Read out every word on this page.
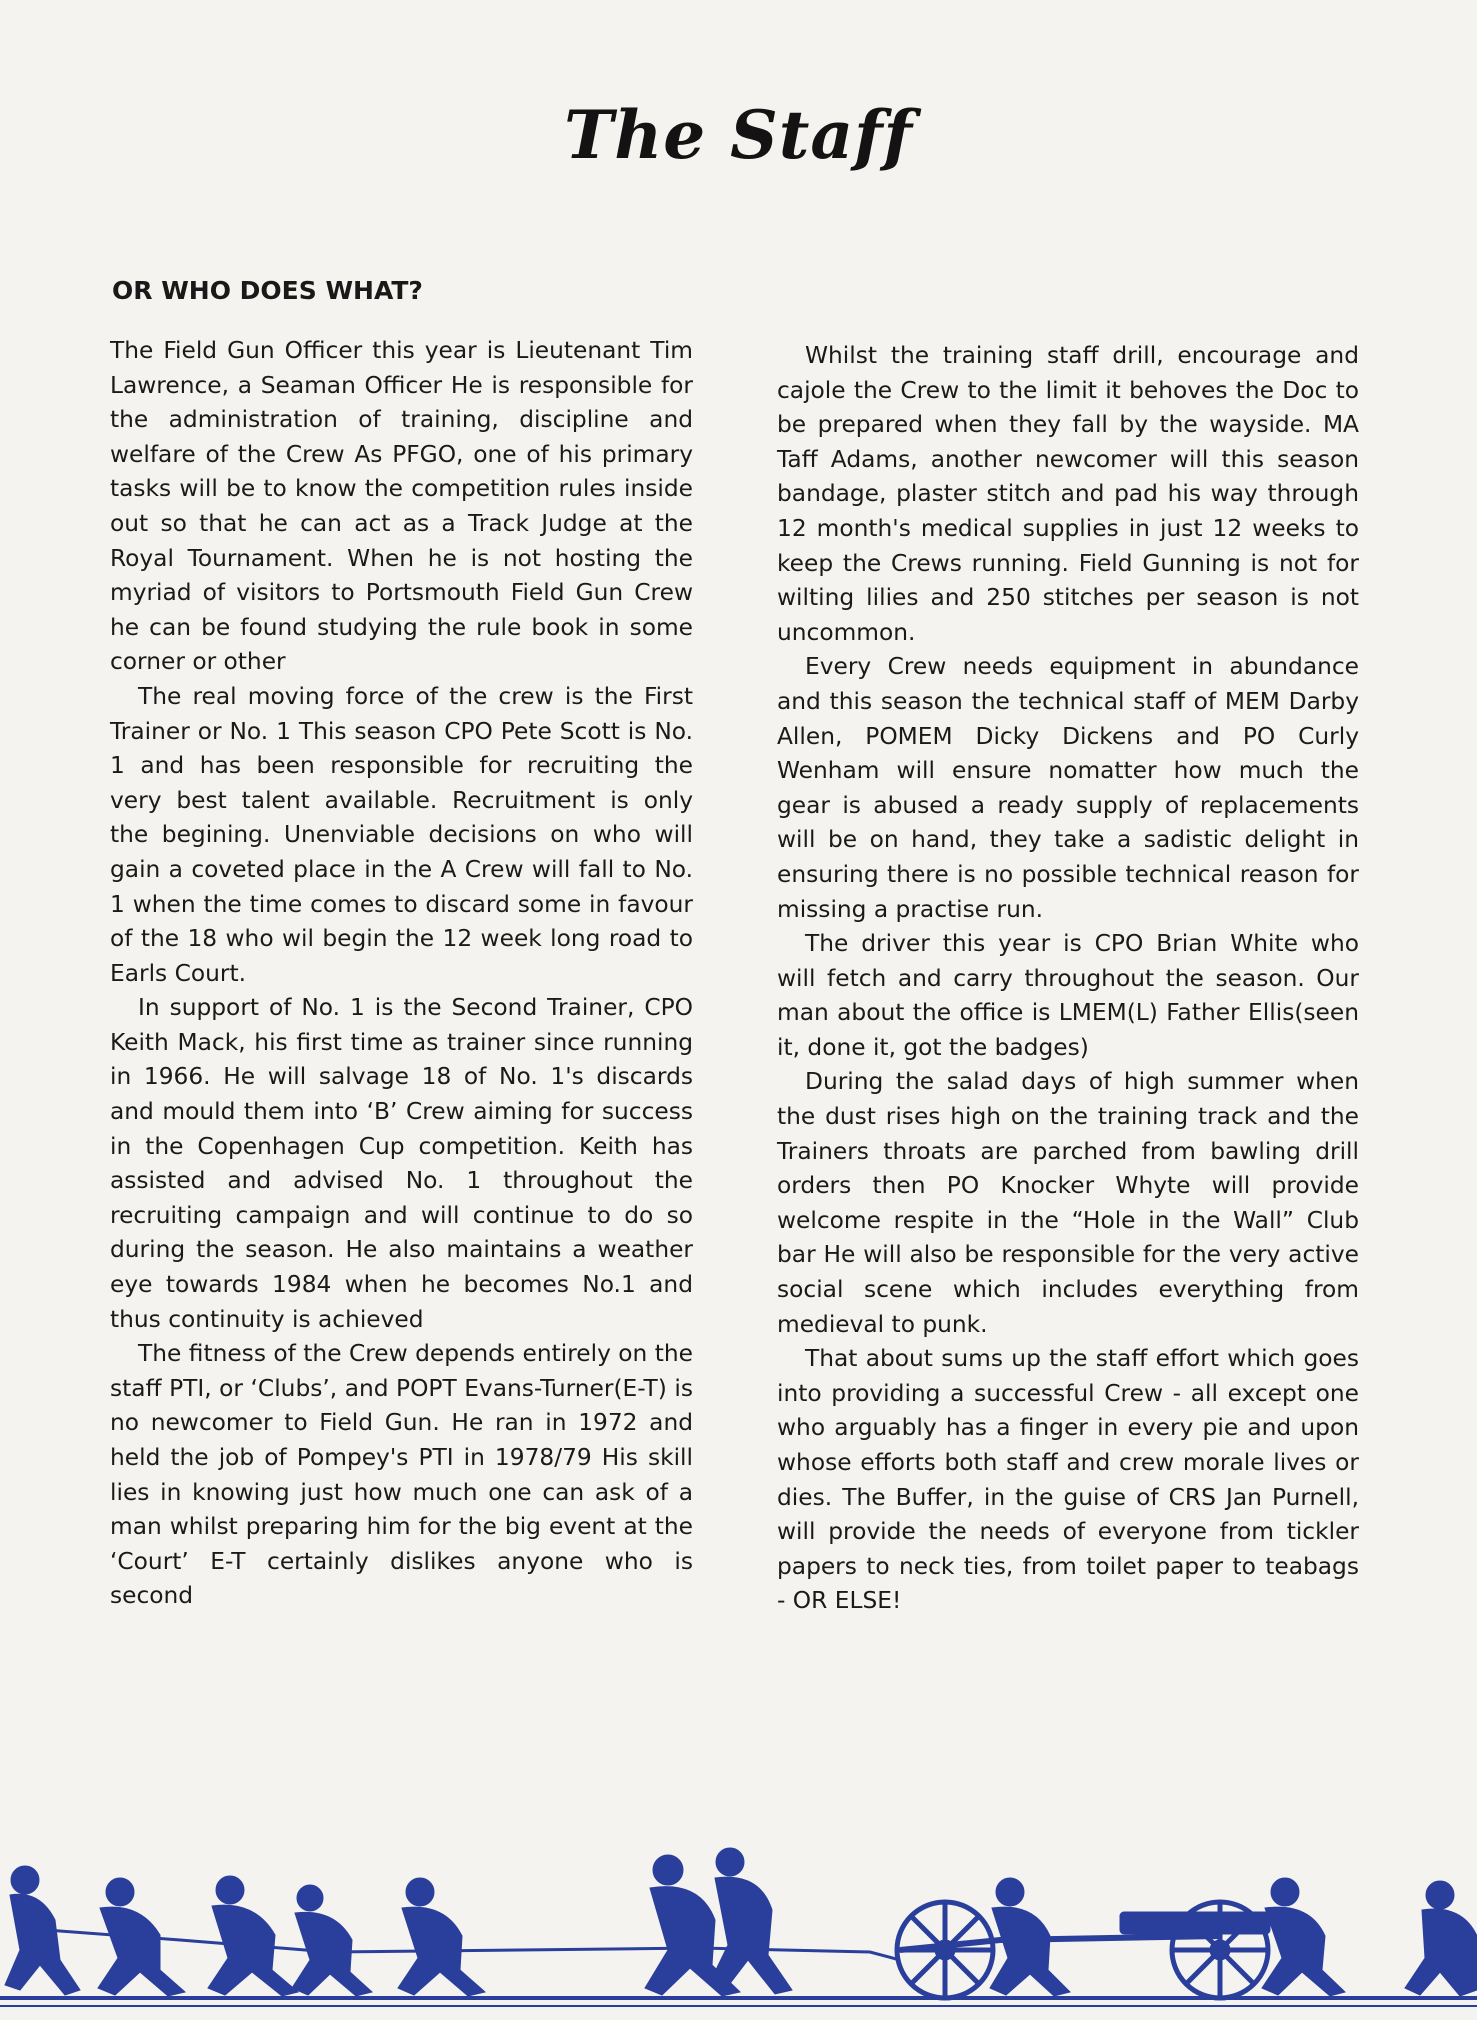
The Staff
OR WHO DOES WHAT?

The Field Gun Officer this year is Lieutenant Tim Lawrence, a Seaman Officer He is responsible for the administration of training, discipline and welfare of the Crew As PFGO, one of his primary tasks will be to know the competition rules inside out so that he can act as a Track Judge at the Royal Tournament. When he is not hosting the myriad of visitors to Portsmouth Field Gun Crew he can be found studying the rule book in some corner or other

The real moving force of the crew is the First Trainer or No. 1 This season CPO Pete Scott is No. 1 and has been responsible for recruiting the very best talent available. Recruitment is only the begining. Unenviable decisions on who will gain a coveted place in the A Crew will fall to No. 1 when the time comes to discard some in favour of the 18 who wil begin the 12 week long road to Earls Court.

In support of No. 1 is the Second Trainer, CPO Keith Mack, his first time as trainer since running in 1966. He will salvage 18 of No. 1's discards and mould them into ‘B’ Crew aiming for success in the Copenhagen Cup competition. Keith has assisted and advised No. 1 throughout the recruiting campaign and will continue to do so during the season. He also maintains a weather eye towards 1984 when he becomes No.1 and thus continuity is achieved

The fitness of the Crew depends entirely on the staff PTI, or ‘Clubs’, and POPT Evans-Turner(E-T) is no newcomer to Field Gun. He ran in 1972 and held the job of Pompey's PTI in 1978/79 His skill lies in knowing just how much one can ask of a man whilst preparing him for the big event at the ‘Court’ E-T certainly dislikes anyone who is second

Whilst the training staff drill, encourage and cajole the Crew to the limit it behoves the Doc to be prepared when they fall by the wayside. MA Taff Adams, another newcomer will this season bandage, plaster stitch and pad his way through 12 month's medical supplies in just 12 weeks to keep the Crews running. Field Gunning is not for wilting lilies and 250 stitches per season is not uncommon.

Every Crew needs equipment in abundance and this season the technical staff of MEM Darby Allen, POMEM Dicky Dickens and PO Curly Wenham will ensure nomatter how much the gear is abused a ready supply of replacements will be on hand, they take a sadistic delight in ensuring there is no possible technical reason for missing a practise run.

The driver this year is CPO Brian White who will fetch and carry throughout the season. Our man about the office is LMEM(L) Father Ellis(seen it, done it, got the badges)

During the salad days of high summer when the dust rises high on the training track and the Trainers throats are parched from bawling drill orders then PO Knocker Whyte will provide welcome respite in the “Hole in the Wall” Club bar He will also be responsible for the very active social scene which includes everything from medieval to punk.

That about sums up the staff effort which goes into providing a successful Crew - all except one who arguably has a finger in every pie and upon whose efforts both staff and crew morale lives or dies. The Buffer, in the guise of CRS Jan Purnell, will provide the needs of everyone from tickler papers to neck ties, from toilet paper to teabags - OR ELSE!
